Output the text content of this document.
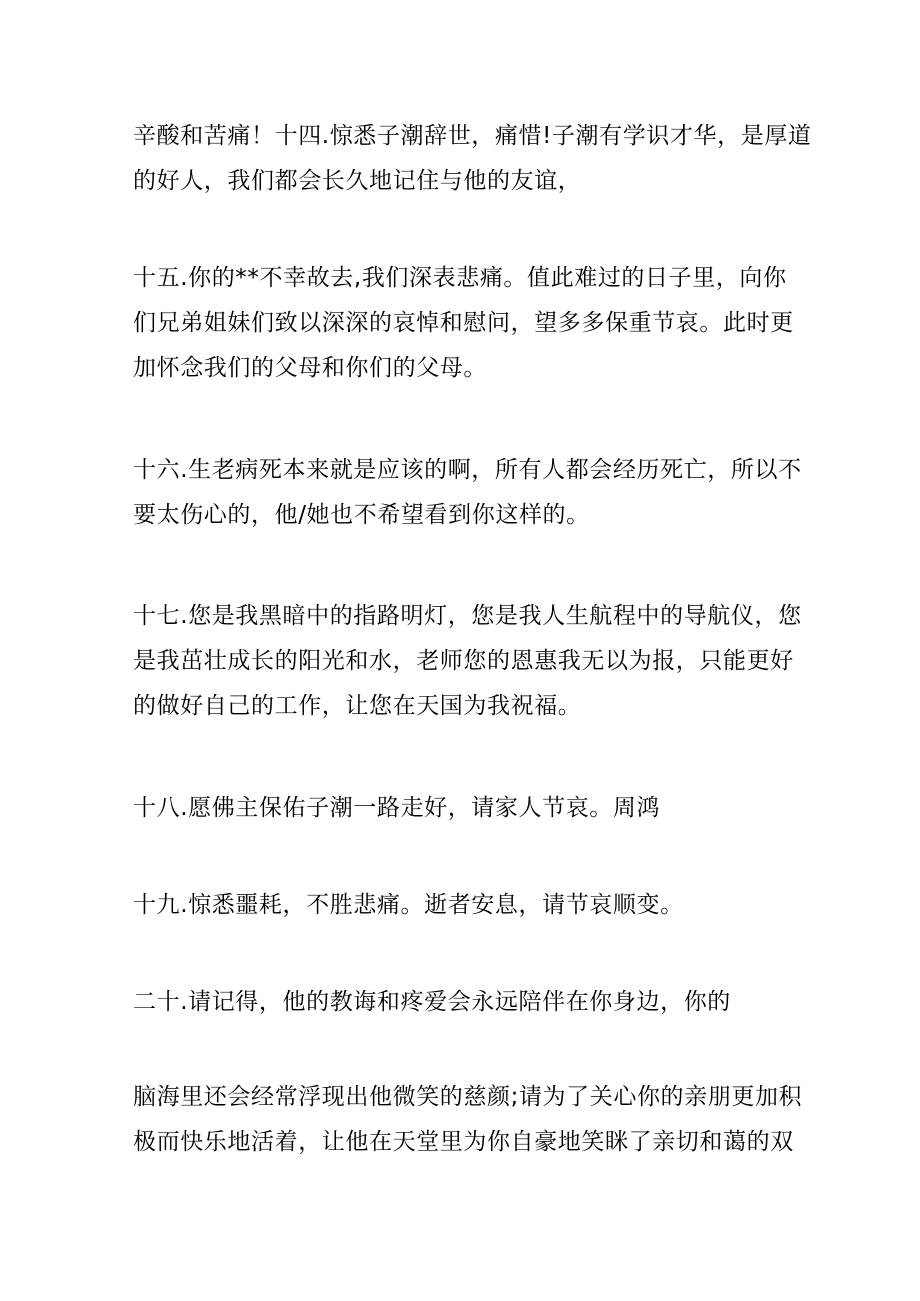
辛酸和苦痛！十四.惊悉子潮辞世，痛惜!子潮有学识才华，是厚道
的好人，我们都会长久地记住与他的友谊，

十五.你的**不幸故去,我们深表悲痛。值此难过的日子里，向你
们兄弟姐妹们致以深深的哀悼和慰问，望多多保重节哀。此时更
加怀念我们的父母和你们的父母。

十六.生老病死本来就是应该的啊，所有人都会经历死亡，所以不
要太伤心的，他/她也不希望看到你这样的。

十七.您是我黑暗中的指路明灯，您是我人生航程中的导航仪，您
是我茁壮成长的阳光和水，老师您的恩惠我无以为报，只能更好
的做好自己的工作，让您在天国为我祝福。

十八.愿佛主保佑子潮一路走好，请家人节哀。周鸿

十九.惊悉噩耗，不胜悲痛。逝者安息，请节哀顺变。

二十.请记得，他的教诲和疼爱会永远陪伴在你身边，你的

脑海里还会经常浮现出他微笑的慈颜;请为了关心你的亲朋更加积
极而快乐地活着，让他在天堂里为你自豪地笑眯了亲切和蔼的双
